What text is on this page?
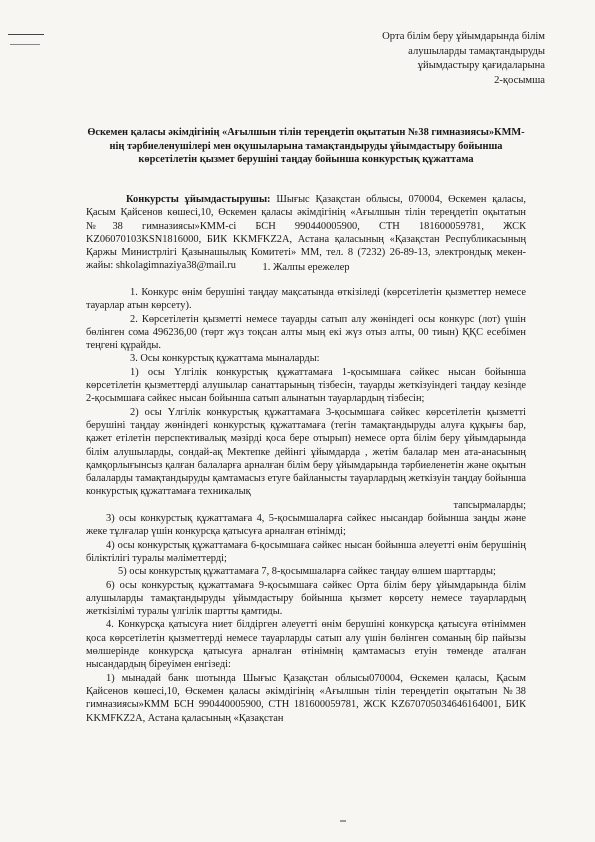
Орта білім беру ұйымдарында білім
алушыларды тамақтандыруды
ұйымдастыру қағидаларына
2-қосымша
Өскемен қаласы әкімдігінің «Ағылшын тілін тереңдетіп оқытатын №38 гимназиясы»КММ-нің тәрбиеленушілері мен оқушыларына тамақтандыруды ұйымдастыру бойынша көрсетілетін қызмет берушіні таңдау бойынша конкурстық құжаттама

Конкурсты ұйымдастырушы: Шығыс Қазақстан облысы, 070004, Өскемен қаласы, Қасым Қайсенов көшесі,10, Өскемен қаласы әкімдігінің «Ағылшын тілін тереңдетіп оқытатын №38 гимназиясы»КММ-сі БСН 990440005900, СТН 181600059781, ЖСК KZ06070103KSN1816000, БИК KKMFKZ2A, Астана қаласының «Қазақстан Республикасының Қаржы Министрлігі Қазынашылық Комитеті» ММ, тел. 8 (7232) 26-89-13, электрондық мекен-жайы: shkolagimnaziya38@mail.ru	1. Жалпы ережелер

1. Конкурс өнім берушіні таңдау мақсатында өткізіледі (көрсетілетін қызметтер немесе тауарлар атын көрсету).

2. Көрсетілетін қызметті немесе тауарды сатып алу жөніндегі осы конкурс (лот) үшін бөлінген сома 496236,00 (төрт жүз тоқсан алты мың екі жүз отыз алты, 00 тиын) ҚҚС есебімен теңгені құрайды.

3. Осы конкурстық құжаттама мыналарды:

1) осы Үлгілік конкурстық құжаттамаға 1-қосымшаға сәйкес нысан бойынша көрсетілетін қызметтерді алушылар санаттарының тізбесін, тауарды жеткізуіндегі таңдау кезінде 2-қосымшаға сәйкес нысан бойынша сатып алынатын тауарлардың тізбесін;

2) осы Үлгілік конкурстық құжаттамаға 3-қосымшаға сәйкес көрсетілетін қызметті берушіні таңдау жөніндегі конкурстық құжаттамаға (тегін тамақтандыруды алуға құқығы бар, қажет етілетін перспективалық мәзірді қоса бере отырып) немесе орта білім беру ұйымдарында білім алушыларды, сондай-ақ Мектепке дейінгі ұйымдарда , жетім балалар мен ата-анасының қамқорлығынсыз қалған балаларға арналған білім беру ұйымдарында тәрбиеленетін және оқытын балаларды тамақтандыруды қамтамасыз етуге байланысты тауарлардың жеткізуін таңдау бойынша конкурстық құжаттамаға техникалық

тапсырмаларды;

3) осы конкурстық құжаттамаға 4, 5-қосымшаларға сәйкес нысандар бойынша заңды және жеке тұлғалар үшін конкурсқа қатысуға арналған өтінімді;

4) осы конкурстық құжаттамаға 6-қосымшаға сәйкес нысан бойынша әлеуетті өнім берушінің біліктілігі туралы мәліметтерді;

5) осы конкурстық құжаттамаға 7, 8-қосымшаларға сәйкес таңдау өлшем шарттарды;

6) осы конкурстық құжаттамаға 9-қосымшаға сәйкес Орта білім беру ұйымдарында білім алушыларды тамақтандыруды ұйымдастыру бойынша қызмет көрсету немесе тауарлардың жеткізілімі туралы үлгілік шартты қамтиды.

4. Конкурсқа қатысуға ниет білдірген әлеуетті өнім берушіні конкурсқа қатысуға өтініммен қоса көрсетілетін қызметтерді немесе тауарларды сатып алу үшін бөлінген соманың бір пайызы мөлшерінде конкурсқа қатысуға арналған өтінімнің қамтамасыз етуін төменде аталған нысандардың біреуімен енгізеді:

1) мынадай банк шотында Шығыс Қазақстан облысы070004, Өскемен қаласы, Қасым Қайсенов көшесі,10, Өскемен қаласы әкімдігінің «Ағылшын тілін тереңдетіп оқытатын №38 гимназиясы»КММ БСН 990440005900, СТН 181600059781, ЖСК KZ670705034646164001, БИК KKMFKZ2A, Астана қаласының «Қазақстан
